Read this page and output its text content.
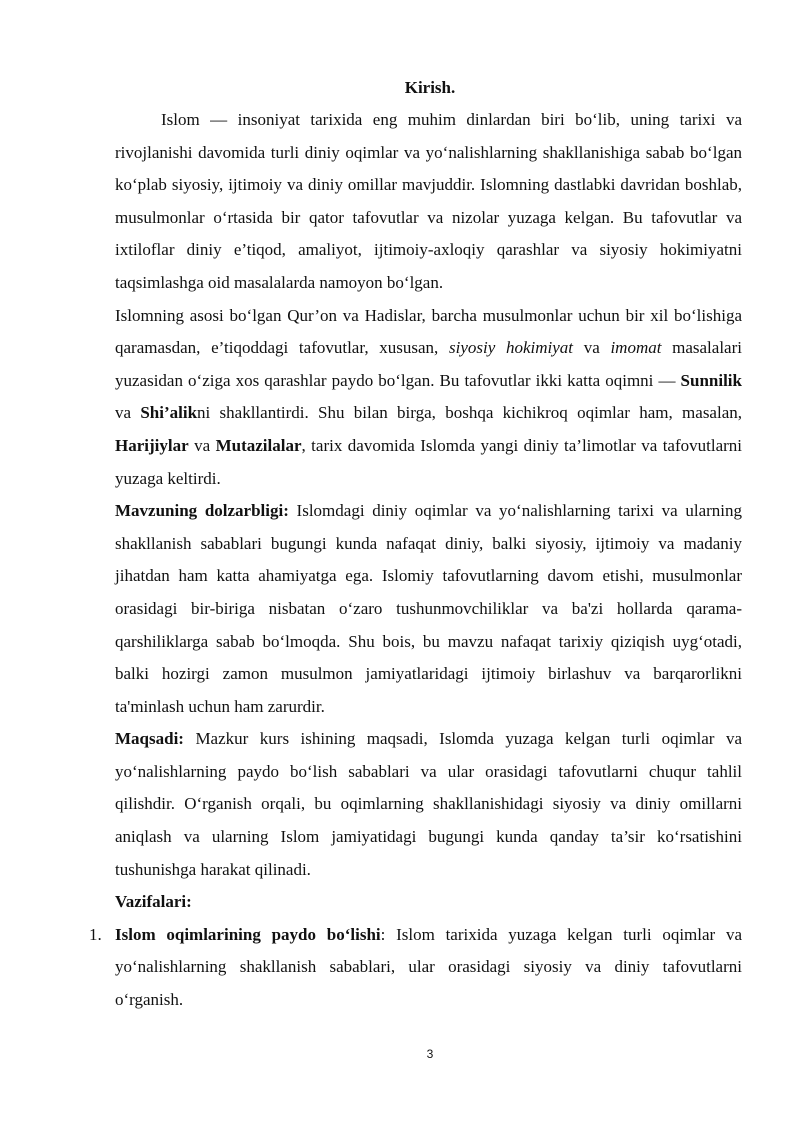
Kirish.

Islom — insoniyat tarixida eng muhim dinlardan biri bo‘lib, uning tarixi va rivojlanishi davomida turli diniy oqimlar va yo‘nalishlarning shakllanishiga sabab bo‘lgan ko‘plab siyosiy, ijtimoiy va diniy omillar mavjuddir. Islomning dastlabki davridan boshlab, musulmonlar o‘rtasida bir qator tafovutlar va nizolar yuzaga kelgan. Bu tafovutlar va ixtiloflar diniy e’tiqod, amaliyot, ijtimoiy-axloqiy qarashlar va siyosiy hokimiyatni taqsimlashga oid masalalarda namoyon bo‘lgan.

Islomning asosi bo‘lgan Qur’on va Hadislar, barcha musulmonlar uchun bir xil bo‘lishiga qaramasdan, e’tiqoddagi tafovutlar, xususan, siyosiy hokimiyat va imomat masalalari yuzasidan o‘ziga xos qarashlar paydo bo‘lgan. Bu tafovutlar ikki katta oqimni — Sunnilik va Shi’alikni shakllantirdi. Shu bilan birga, boshqa kichikroq oqimlar ham, masalan, Harijiylar va Mutazilalar, tarix davomida Islomda yangi diniy ta’limotlar va tafovutlarni yuzaga keltirdi.

Mavzuning dolzarbligi: Islomdagi diniy oqimlar va yo‘nalishlarning tarixi va ularning shakllanish sabablari bugungi kunda nafaqat diniy, balki siyosiy, ijtimoiy va madaniy jihatdan ham katta ahamiyatga ega. Islomiy tafovutlarning davom etishi, musulmonlar orasidagi bir-biriga nisbatan o‘zaro tushunmovchiliklar va ba'zi hollarda qarama-qarshiliklarga sabab bo‘lmoqda. Shu bois, bu mavzu nafaqat tarixiy qiziqish uyg‘otadi, balki hozirgi zamon musulmon jamiyatlaridagi ijtimoiy birlashuv va barqarorlikni ta'minlash uchun ham zarurdir.

Maqsadi: Mazkur kurs ishining maqsadi, Islomda yuzaga kelgan turli oqimlar va yo‘nalishlarning paydo bo‘lish sabablari va ular orasidagi tafovutlarni chuqur tahlil qilishdir. O‘rganish orqali, bu oqimlarning shakllanishidagi siyosiy va diniy omillarni aniqlash va ularning Islom jamiyatidagi bugungi kunda qanday ta’sir ko‘rsatishini tushunishga harakat qilinadi.

Vazifalari:

1. Islom oqimlarining paydo bo‘lishi: Islom tarixida yuzaga kelgan turli oqimlar va yo‘nalishlarning shakllanish sabablari, ular orasidagi siyosiy va diniy tafovutlarni o‘rganish.

3
